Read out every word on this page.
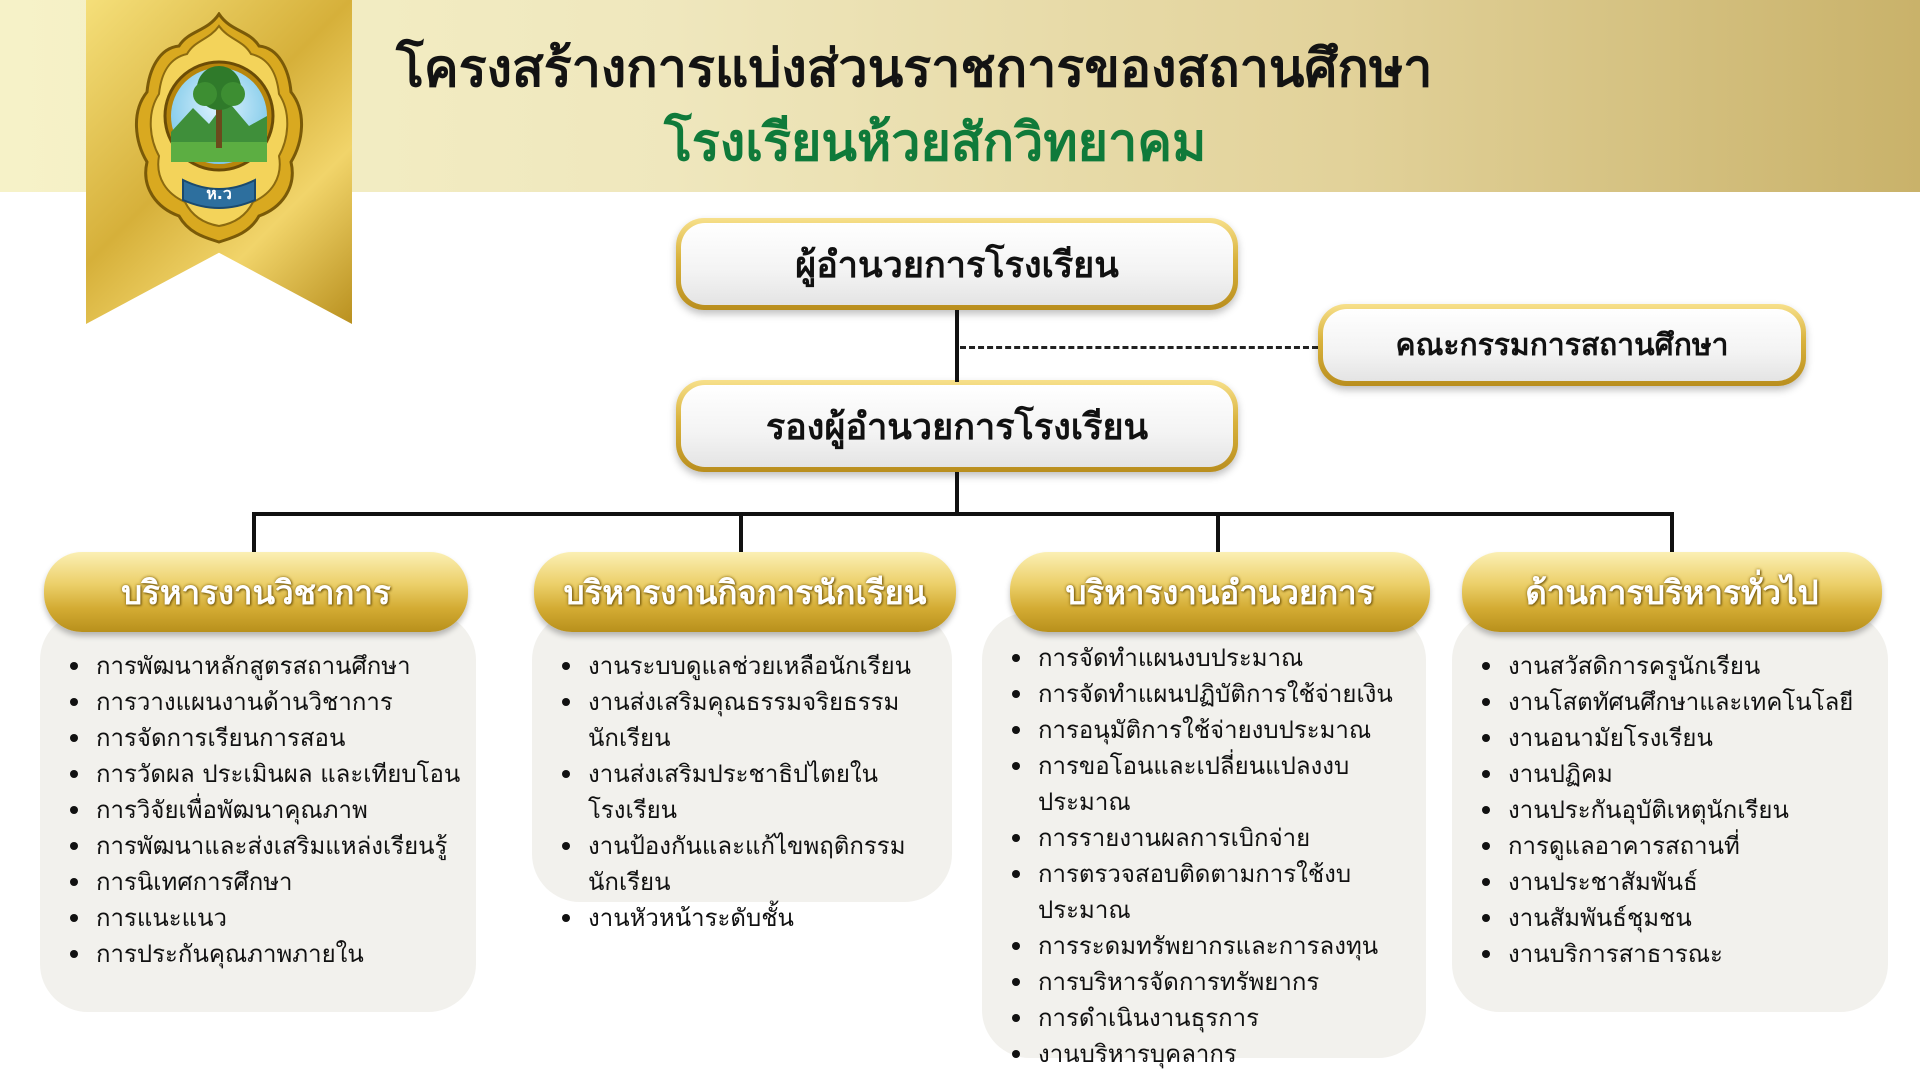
โครงสร้างการแบ่งส่วนราชการของสถานศึกษา
โรงเรียนห้วยสักวิทยาคม
ห.ว
ผู้อำนวยการโรงเรียน
คณะกรรมการสถานศึกษา
รองผู้อำนวยการโรงเรียน
บริหารงานวิชาการ
การพัฒนาหลักสูตรสถานศึกษา
การวางแผนงานด้านวิชาการ
การจัดการเรียนการสอน
การวัดผล ประเมินผล และเทียบโอน
การวิจัยเพื่อพัฒนาคุณภาพ
การพัฒนาและส่งเสริมแหล่งเรียนรู้
การนิเทศการศึกษา
การแนะแนว
การประกันคุณภาพภายใน
บริหารงานกิจการนักเรียน
งานระบบดูแลช่วยเหลือนักเรียน
งานส่งเสริมคุณธรรมจริยธรรม นักเรียน
งานส่งเสริมประชาธิปไตยในโรงเรียน
งานป้องกันและแก้ไขพฤติกรรม นักเรียน
งานหัวหน้าระดับชั้น
บริหารงานอำนวยการ
การจัดทำแผนงบประมาณ
การจัดทำแผนปฏิบัติการใช้จ่ายเงิน
การอนุมัติการใช้จ่ายงบประมาณ
การขอโอนและเปลี่ยนแปลงงบประมาณ
การรายงานผลการเบิกจ่าย
การตรวจสอบติดตามการใช้งบ ประมาณ
การระดมทรัพยากรและการลงทุน
การบริหารจัดการทรัพยากร
การดำเนินงานธุรการ
งานบริหารบุคลากร
ด้านการบริหารทั่วไป
งานสวัสดิการครูนักเรียน
งานโสตทัศนศึกษาและเทคโนโลยี
งานอนามัยโรงเรียน
งานปฏิคม
งานประกันอุบัติเหตุนักเรียน
การดูแลอาคารสถานที่
งานประชาสัมพันธ์
งานสัมพันธ์ชุมชน
งานบริการสาธารณะ
